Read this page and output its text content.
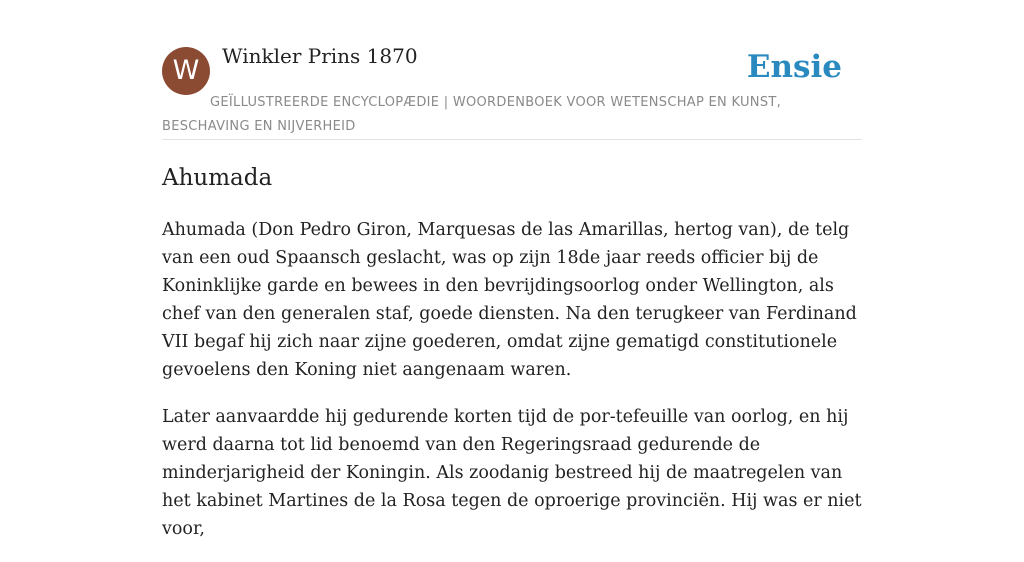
W	Winkler Prins 1870	Ensie
GEÏLLUSTREERDE ENCYCLOPÆDIE | WOORDENBOEK VOOR WETENSCHAP EN KUNST, BESCHAVING EN NIJVERHEID
Ahumada

Ahumada (Don Pedro Giron, Marquesas de las Amarillas, hertog van), de telg van een oud Spaansch geslacht, was op zijn 18de jaar reeds officier bij de Koninklijke garde en bewees in den bevrijdingsoorlog onder Wellington, als chef van den generalen staf, goede diensten. Na den terugkeer van Ferdinand VII begaf hij zich naar zijne goederen, omdat zijne gematigd constitutionele gevoelens den Koning niet aangenaam waren.

Later aanvaardde hij gedurende korten tijd de por-tefeuille van oorlog, en hij werd daarna tot lid benoemd van den Regeringsraad gedurende de minderjarigheid der Koningin. Als zoodanig bestreed hij de maatregelen van het kabinet Martines de la Rosa tegen de oproerige provinciën. Hij was er niet voor,
